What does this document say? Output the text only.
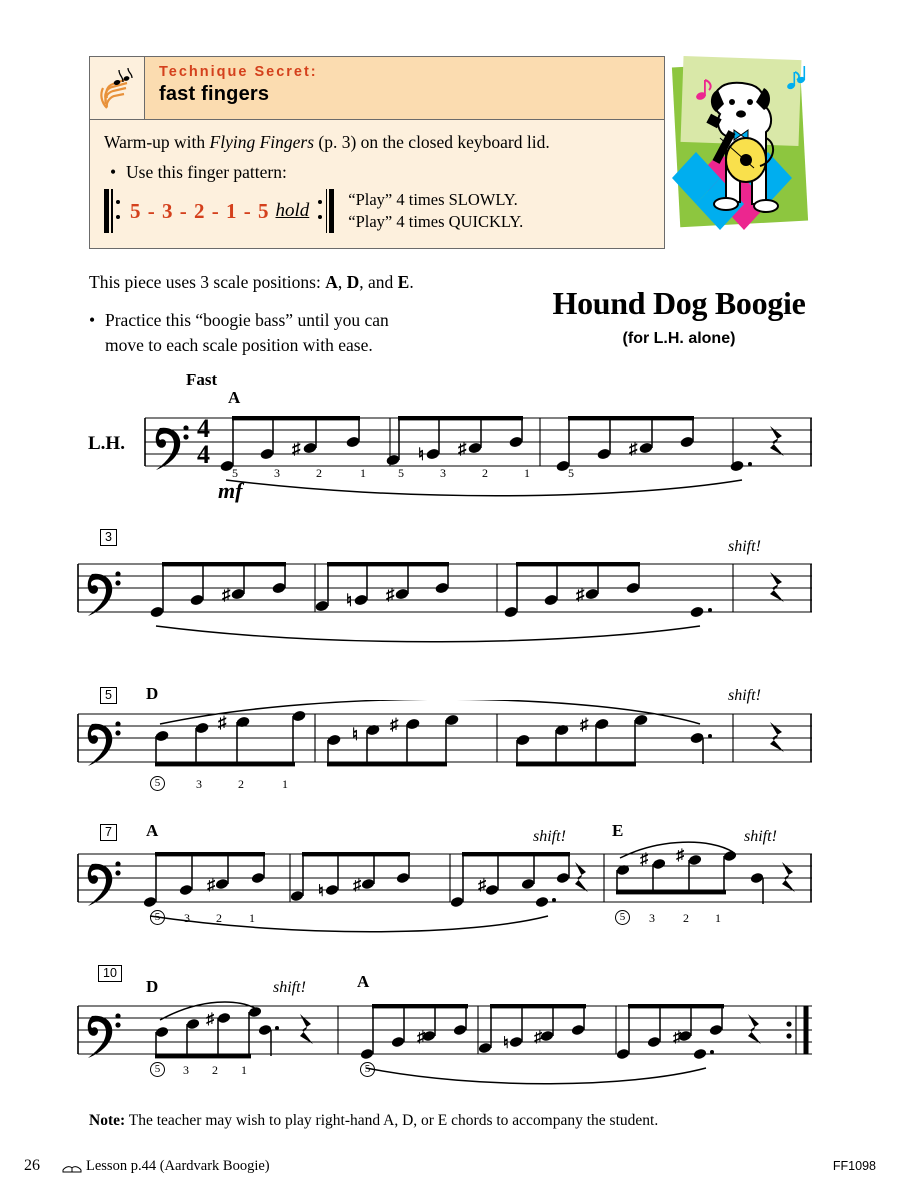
Technique Secret:
fast fingers
Warm-up with Flying Fingers (p. 3) on the closed keyboard lid.
• Use this finger pattern:
5 - 3 - 2 - 1 - 5 hold
“Play” 4 times SLOWLY.
“Play” 4 times QUICKLY.
This piece uses 3 scale positions: A, D, and E.
• Practice this “boogie bass” until you can
move to each scale position with ease.
Hound Dog Boogie
(for L.H. alone)
Fast
A
L.H.
mf
4
4	♯	♮ ♯	♯
5	3	2	1	5	3	2	1	5
3
shift!
♯	♮ ♯	♯
5 D	shift!
♯
♮
♯	♯
5	3	2	1
7 A	E
shift!	shift!
♯	♮ ♯	♯
♯ ♯
5	3 2 1	5	3 2 1
10
D	A
shift!
♯
♯	♮ ♯	♯
5	3 2 1	5
Note: The teacher may wish to play right-hand A, D, or E chords to accompany the student.
26	Lesson p.44 (Aardvark Boogie)	FF1098
